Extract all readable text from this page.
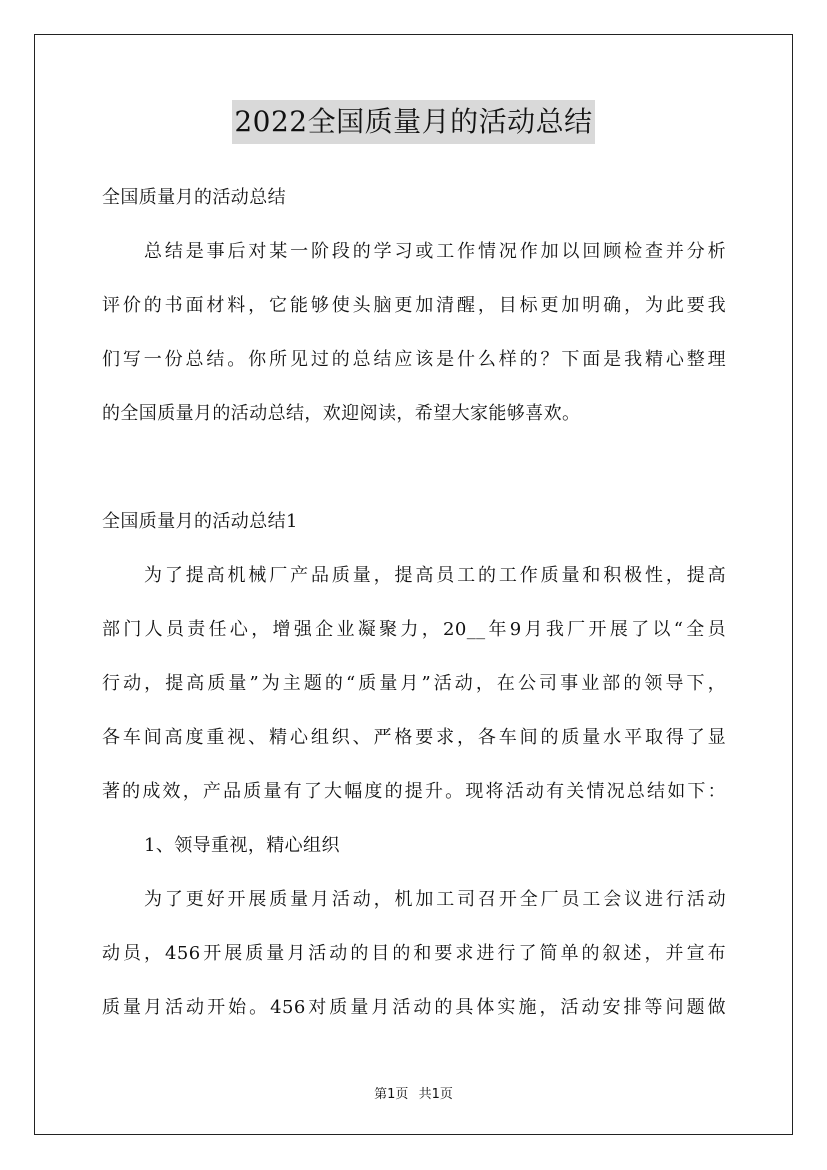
2022全国质量月的活动总结

全国质量月的活动总结

总结是事后对某一阶段的学习或工作情况作加以回顾检查并分析

评价的书面材料，它能够使头脑更加清醒，目标更加明确，为此要我

们写一份总结。你所见过的总结应该是什么样的？下面是我精心整理

的全国质量月的活动总结，欢迎阅读，希望大家能够喜欢。

全国质量月的活动总结1

为了提高机械厂产品质量，提高员工的工作质量和积极性，提高

部门人员责任心，增强企业凝聚力，20__年9月我厂开展了以“全员

行动，提高质量”为主题的“质量月”活动，在公司事业部的领导下，

各车间高度重视、精心组织、严格要求，各车间的质量水平取得了显

著的成效，产品质量有了大幅度的提升。现将活动有关情况总结如下：

1、领导重视，精心组织

为了更好开展质量月活动，机加工司召开全厂员工会议进行活动

动员，456开展质量月活动的目的和要求进行了简单的叙述，并宣布

质量月活动开始。456对质量月活动的具体实施，活动安排等问题做

第1页 共1页
